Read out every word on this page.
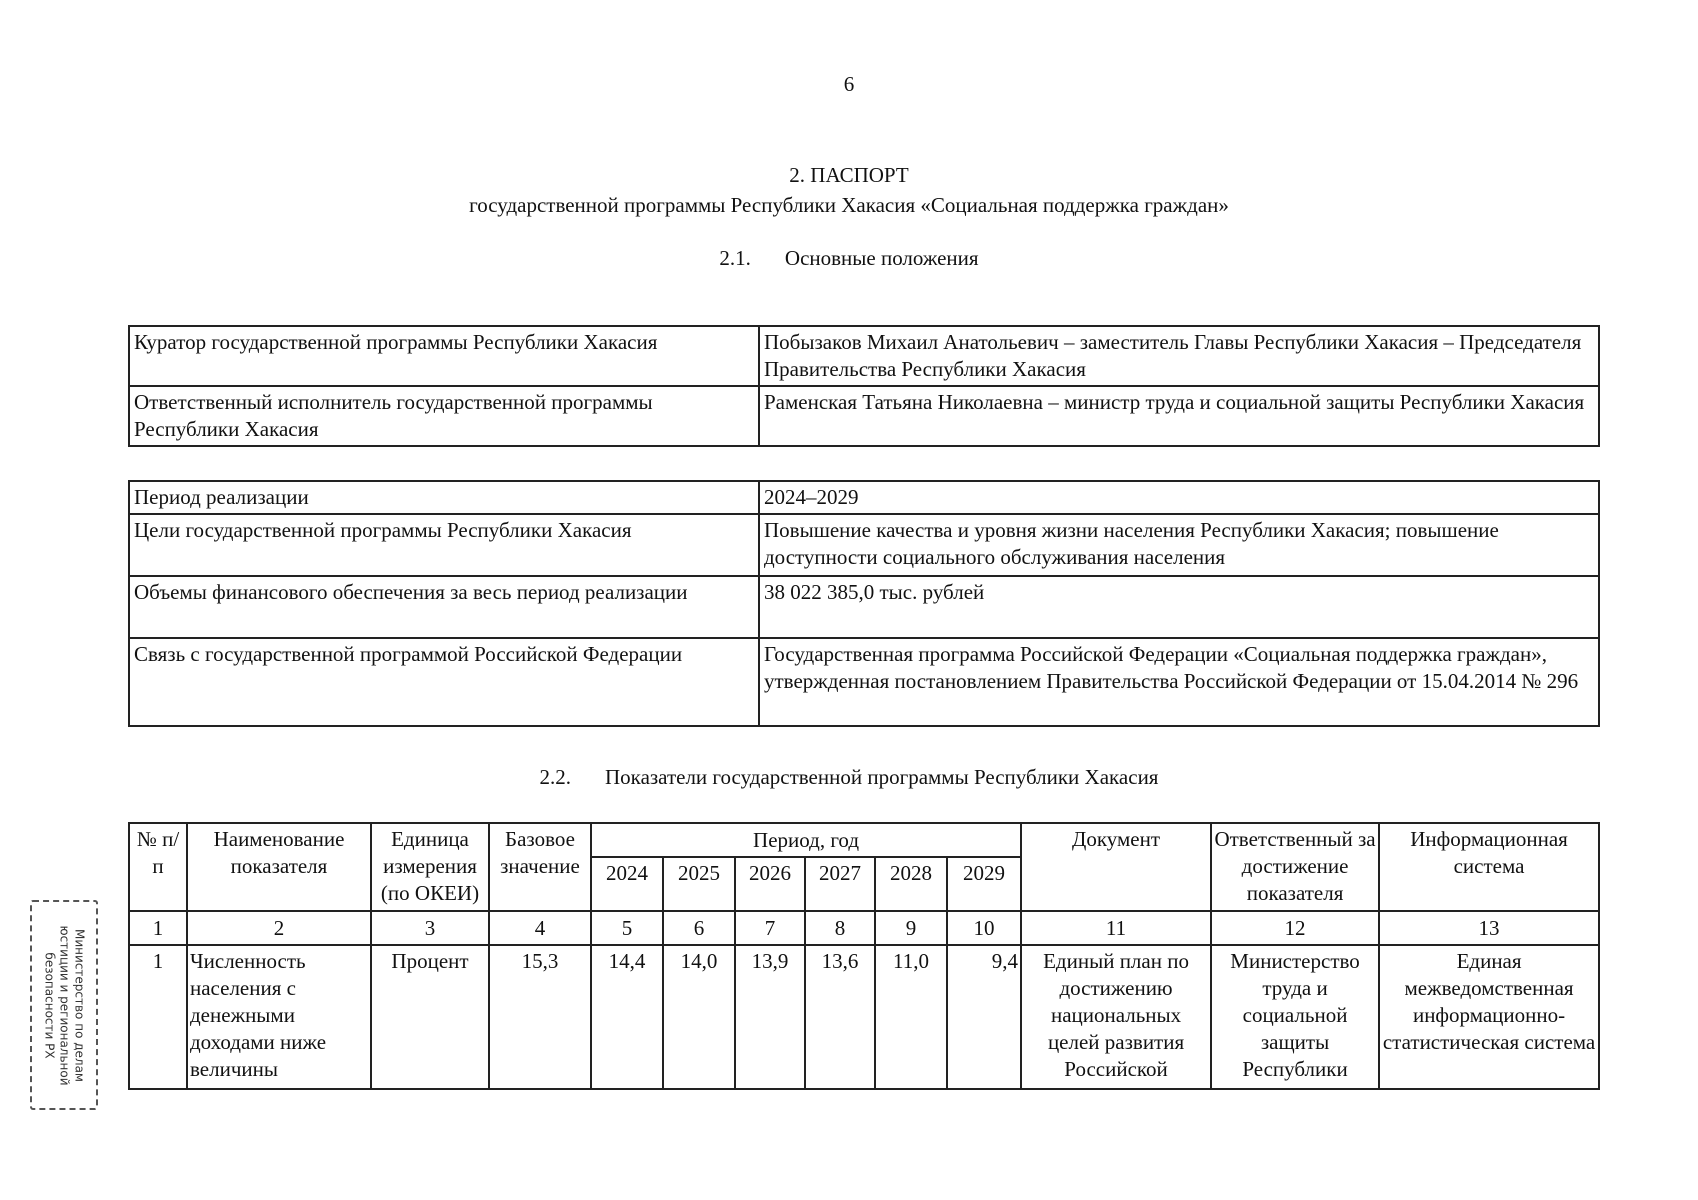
6
2. ПАСПОРТ
государственной программы Республики Хакасия «Социальная поддержка граждан»
2.1. Основные положения
Куратор государственной программы Республики Хакасия	Побызаков Михаил Анатольевич – заместитель Главы Республики Хакасия – Председателя Правительства Республики Хакасия
Ответственный исполнитель государственной программы Республики Хакасия	Раменская Татьяна Николаевна – министр труда и социальной защиты Республики Хакасия
Период реализации	2024–2029
Цели государственной программы Республики Хакасия	Повышение качества и уровня жизни населения Республики Хакасия; повышение доступности социального обслуживания населения
Объемы финансового обеспечения за весь период реализации	38 022 385,0 тыс. рублей
Связь с государственной программой Российской Федерации	Государственная программа Российской Федерации «Социальная поддержка граждан», утвержденная постановлением Правительства Российской Федерации от 15.04.2014 № 296
2.2. Показатели государственной программы Республики Хакасия
№ п/п	Наименование показателя	Единица измерения (по ОКЕИ)	Базовое значение	Период, год						Документ	Ответственный за достижение показателя	Информационная система
				2024	2025	2026	2027	2028	2029			
1	2	3	4	5	6	7	8	9	10	11	12	13
1	Численность населения с денежными доходами ниже величины	Процент	15,3	14,4	14,0	13,9	13,6	11,0	9,4	Единый план по достижению национальных целей развития Российской	Министерство труда и социальной защиты Республики	Единая межведомственная информационно-статистическая система
Министерство по делам
юстиции и региональной
безопасности РХ
